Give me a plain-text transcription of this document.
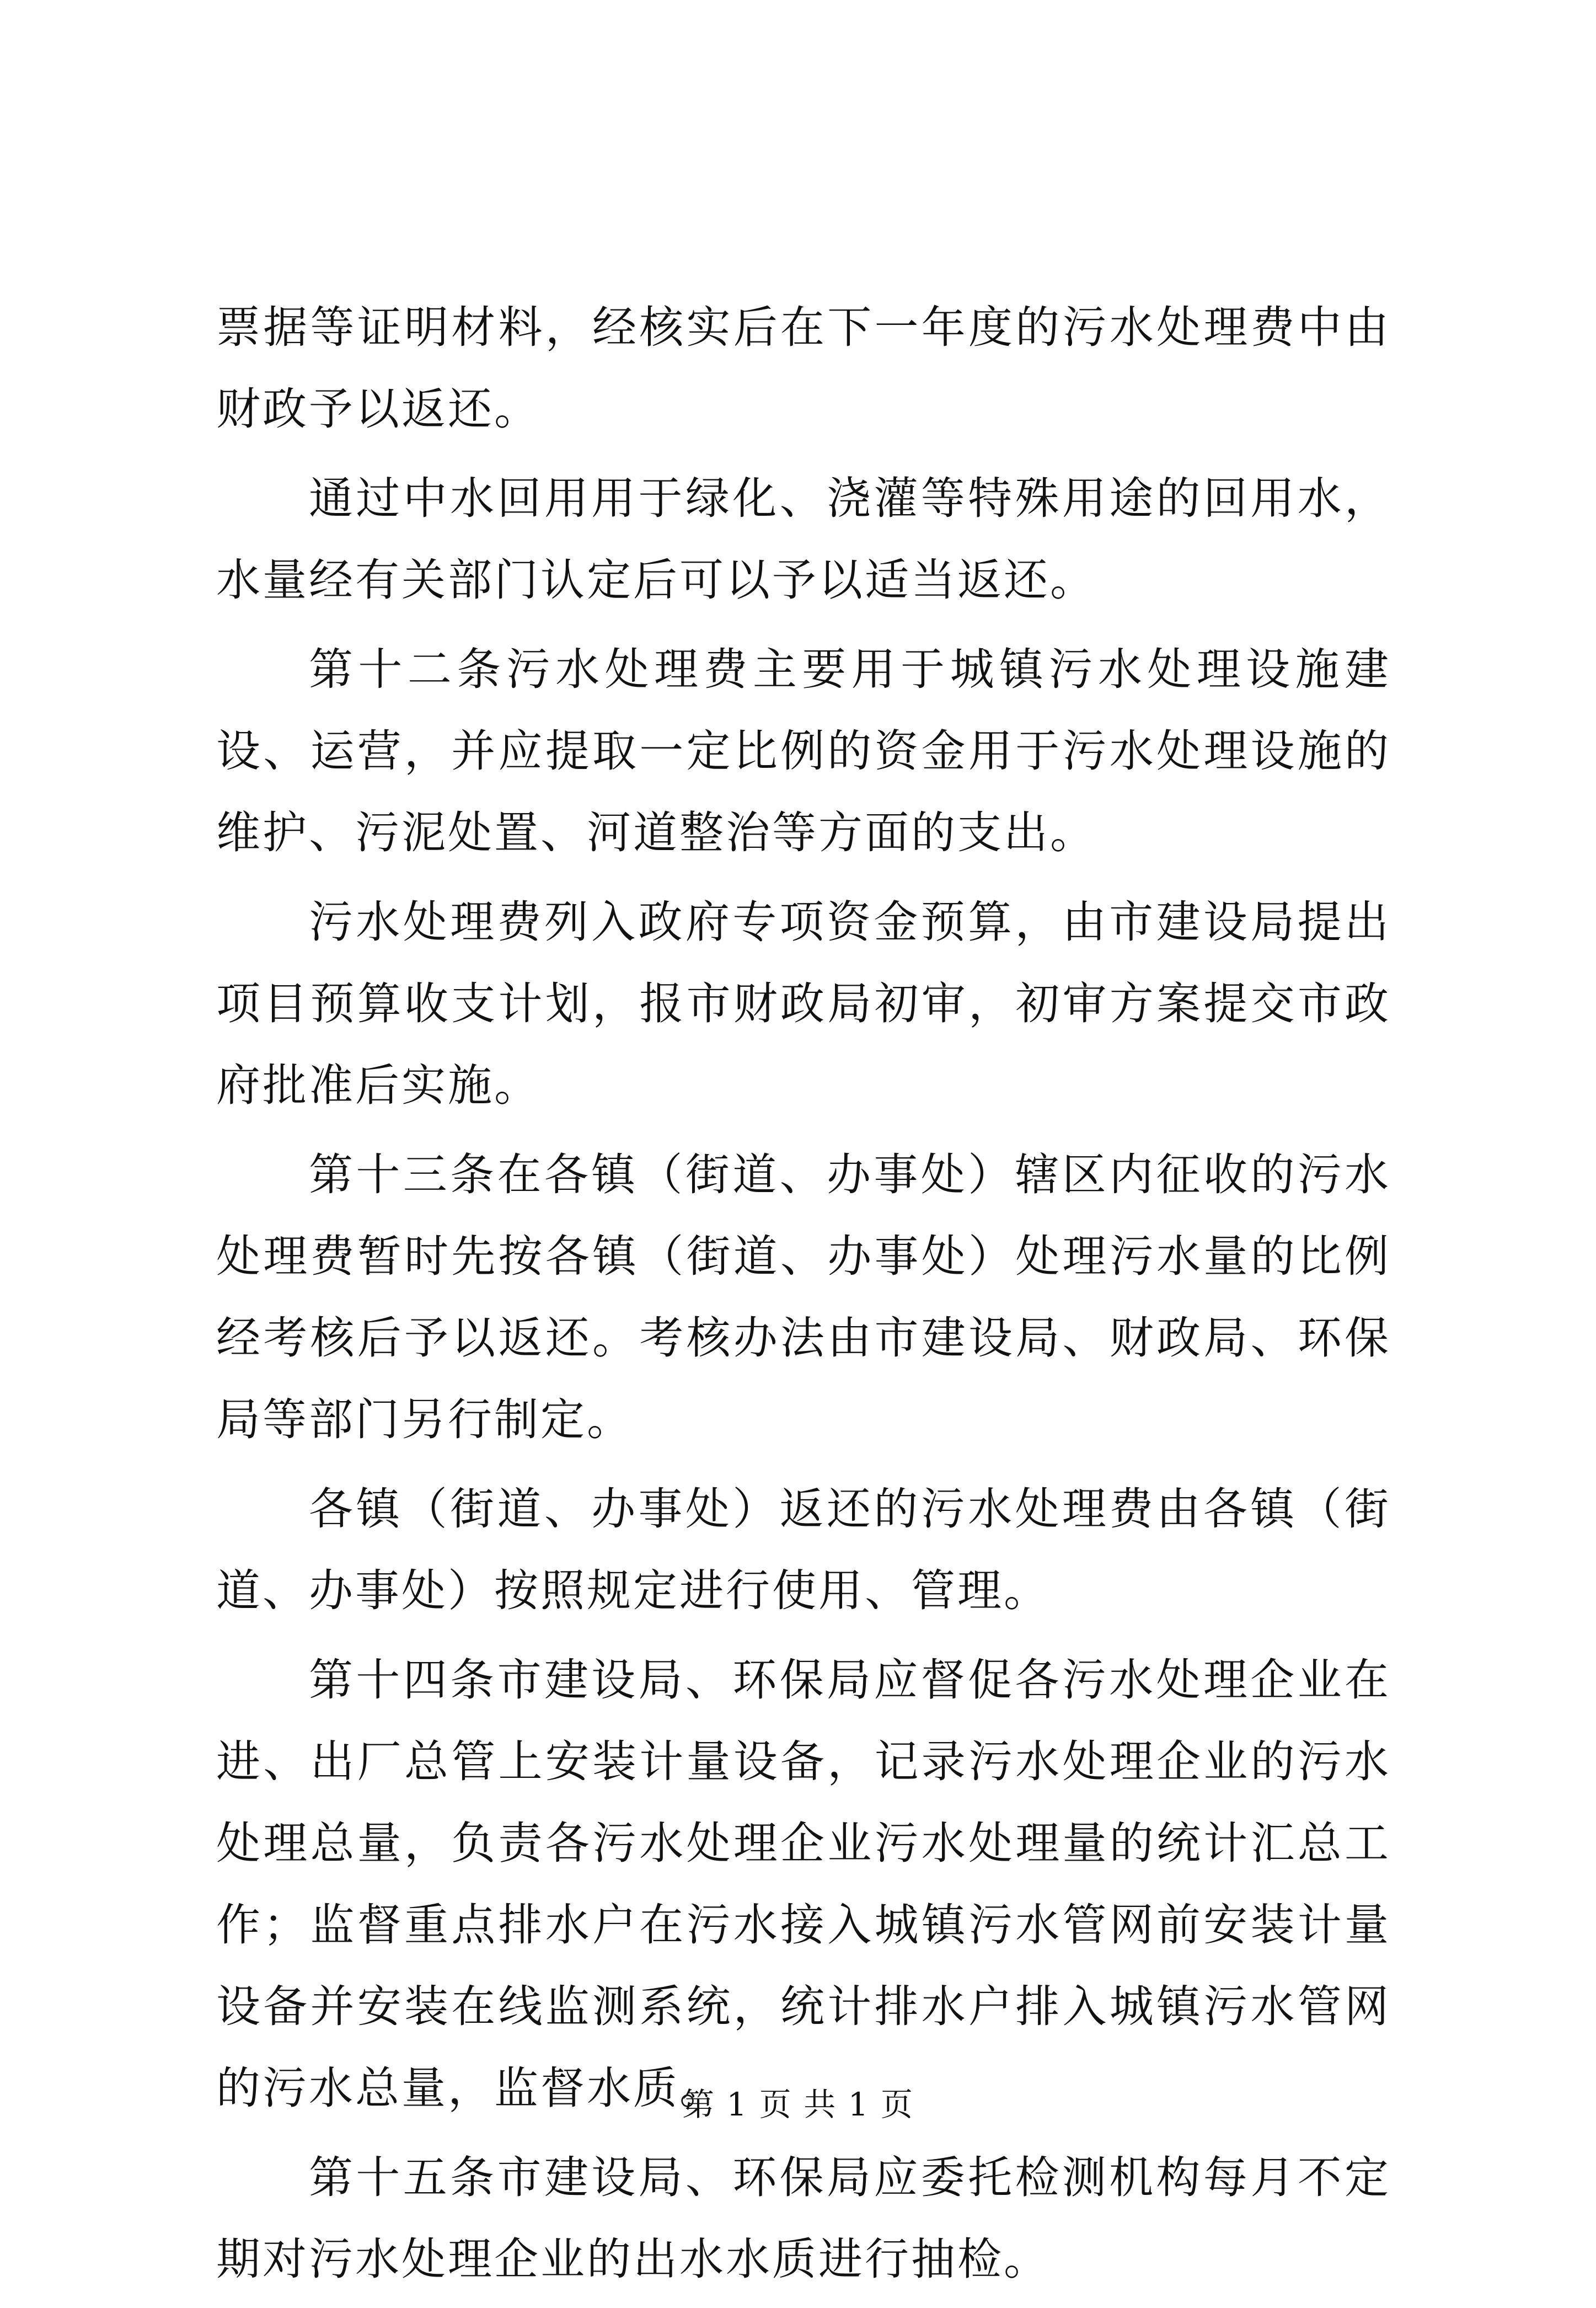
票据等证明材料，经核实后在下一年度的污水处理费中由财政予以返还。

通过中水回用用于绿化、浇灌等特殊用途的回用水，水量经有关部门认定后可以予以适当返还。

第十二条污水处理费主要用于城镇污水处理设施建设、运营，并应提取一定比例的资金用于污水处理设施的维护、污泥处置、河道整治等方面的支出。

污水处理费列入政府专项资金预算，由市建设局提出项目预算收支计划，报市财政局初审，初审方案提交市政府批准后实施。

第十三条在各镇（街道、办事处）辖区内征收的污水处理费暂时先按各镇（街道、办事处）处理污水量的比例经考核后予以返还。考核办法由市建设局、财政局、环保局等部门另行制定。

各镇（街道、办事处）返还的污水处理费由各镇（街道、办事处）按照规定进行使用、管理。

第十四条市建设局、环保局应督促各污水处理企业在进、出厂总管上安装计量设备，记录污水处理企业的污水处理总量，负责各污水处理企业污水处理量的统计汇总工作；监督重点排水户在污水接入城镇污水管网前安装计量设备并安装在线监测系统，统计排水户排入城镇污水管网的污水总量，监督水质。

第十五条市建设局、环保局应委托检测机构每月不定期对污水处理企业的出水水质进行抽检。

第 1 页 共 1 页
